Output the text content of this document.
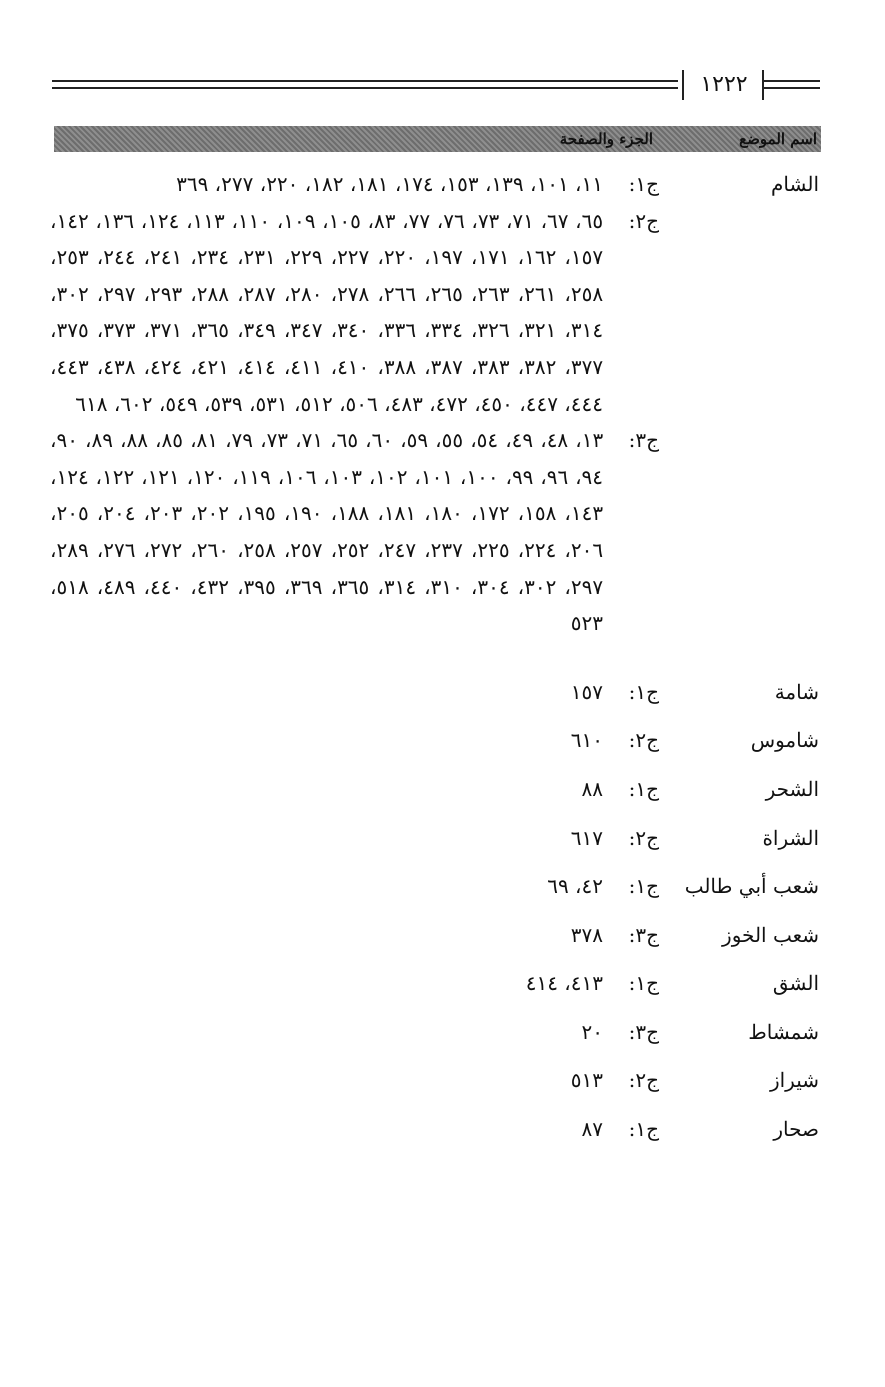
١٢٢٢
اسم الموضع
الجزء والصفحة
الشام
ج١:
١١، ١٠١، ١٣٩، ١٥٣، ١٧٤، ١٨١، ١٨٢، ٢٢٠، ٢٧٧، ٣٦٩
ج٢:
٦٥، ٦٧، ٧١، ٧٣، ٧٦، ٧٧، ٨٣، ١٠٥، ١٠٩، ١١٠، ١١٣، ١٢٤، ١٣٦، ١٤٢، ١٥٧، ١٦٢، ١٧١، ١٩٧، ٢٢٠، ٢٢٧، ٢٢٩، ٢٣١، ٢٣٤، ٢٤١، ٢٤٤، ٢٥٣، ٢٥٨، ٢٦١، ٢٦٣، ٢٦٥، ٢٦٦، ٢٧٨، ٢٨٠، ٢٨٧، ٢٨٨، ٢٩٣، ٢٩٧، ٣٠٢، ٣١٤، ٣٢١، ٣٢٦، ٣٣٤، ٣٣٦، ٣٤٠، ٣٤٧، ٣٤٩، ٣٦٥، ٣٧١، ٣٧٣، ٣٧٥، ٣٧٧، ٣٨٢، ٣٨٣، ٣٨٧، ٣٨٨، ٤١٠، ٤١١، ٤١٤، ٤٢١، ٤٢٤، ٤٣٨، ٤٤٣، ٤٤٤، ٤٤٧، ٤٥٠، ٤٧٢، ٤٨٣، ٥٠٦، ٥١٢، ٥٣١، ٥٣٩، ٥٤٩، ٦٠٢، ٦١٨
ج٣:
١٣، ٤٨، ٤٩، ٥٤، ٥٥، ٥٩، ٦٠، ٦٥، ٧١، ٧٣، ٧٩، ٨١، ٨٥، ٨٨، ٨٩، ٩٠، ٩٤، ٩٦، ٩٩، ١٠٠، ١٠١، ١٠٢، ١٠٣، ١٠٦، ١١٩، ١٢٠، ١٢١، ١٢٢، ١٢٤، ١٤٣، ١٥٨، ١٧٢، ١٨٠، ١٨١، ١٨٨، ١٩٠، ١٩٥، ٢٠٢، ٢٠٣، ٢٠٤، ٢٠٥، ٢٠٦، ٢٢٤، ٢٢٥، ٢٣٧، ٢٤٧، ٢٥٢، ٢٥٧، ٢٥٨، ٢٦٠، ٢٧٢، ٢٧٦، ٢٨٩، ٢٩٧، ٣٠٢، ٣٠٤، ٣١٠، ٣١٤، ٣٦٥، ٣٦٩، ٣٩٥، ٤٣٢، ٤٤٠، ٤٨٩، ٥١٨، ٥٢٣
شامة
ج١:
١٥٧
شاموس
ج٢:
٦١٠
الشحر
ج١:
٨٨
الشراة
ج٢:
٦١٧
شعب أبي طالب
ج١:
٤٢، ٦٩
شعب الخوز
ج٣:
٣٧٨
الشق
ج١:
٤١٣، ٤١٤
شمشاط
ج٣:
٢٠
شيراز
ج٢:
٥١٣
صحار
ج١:
٨٧
